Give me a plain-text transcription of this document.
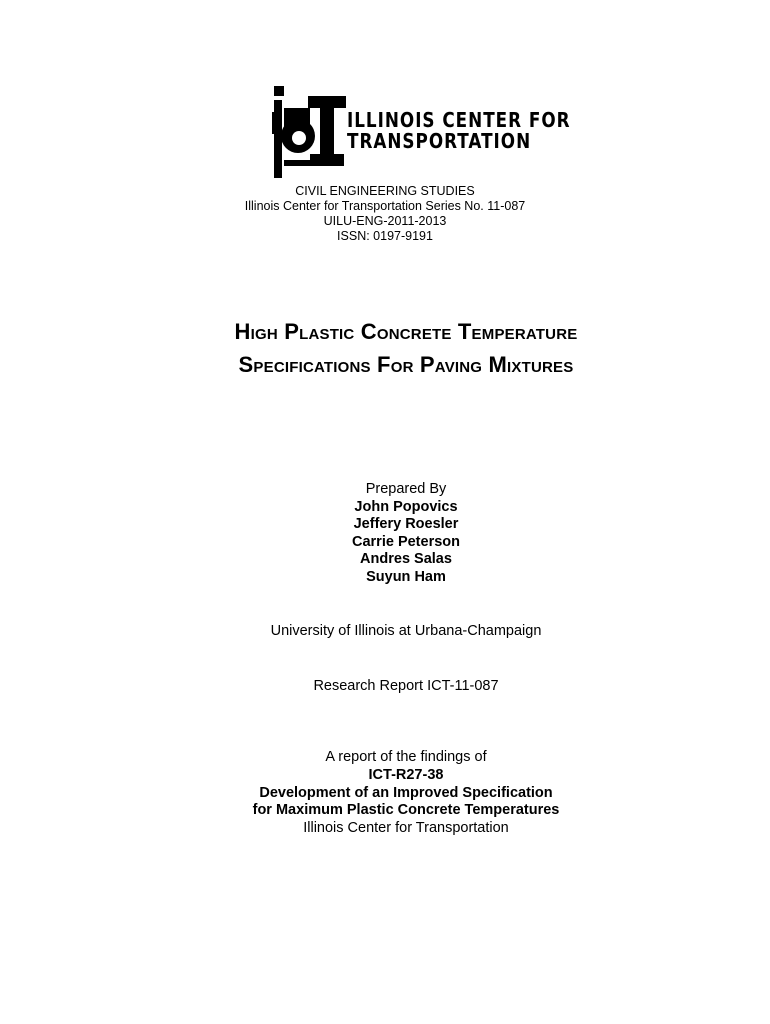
ILLINOIS CENTER FOR
TRANSPORTATION
CIVIL ENGINEERING STUDIES
Illinois Center for Transportation Series No. 11-087
UILU-ENG-2011-2013
ISSN: 0197-9191
High Plastic Concrete Temperature
Specifications For Paving Mixtures
Prepared By
John Popovics
Jeffery Roesler
Carrie Peterson
Andres Salas
Suyun Ham
University of Illinois at Urbana-Champaign
Research Report ICT-11-087
A report of the findings of
ICT-R27-38
Development of an Improved Specification
for Maximum Plastic Concrete Temperatures
Illinois Center for Transportation
